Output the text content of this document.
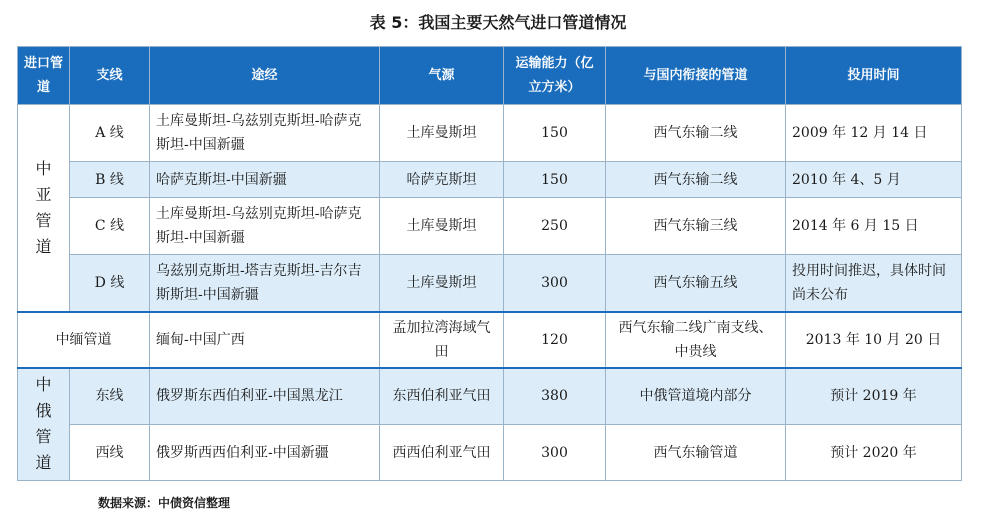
表 5：我国主要天然气进口管道情况
进口管道	支线	途经	气源	运输能力（亿立方米）	与国内衔接的管道	投用时间
中亚管道	A 线	土库曼斯坦-乌兹别克斯坦-哈萨克斯坦-中国新疆	土库曼斯坦	150	西气东输二线	2009 年 12 月 14 日
	B 线	哈萨克斯坦-中国新疆	哈萨克斯坦	150	西气东输二线	2010 年 4、5 月
	C 线	土库曼斯坦-乌兹别克斯坦-哈萨克斯坦-中国新疆	土库曼斯坦	250	西气东输三线	2014 年 6 月 15 日
	D 线	乌兹别克斯坦-塔吉克斯坦-吉尔吉斯斯坦-中国新疆	土库曼斯坦	300	西气东输五线	投用时间推迟，具体时间尚未公布
中缅管道		缅甸-中国广西	孟加拉湾海域气田	120	西气东输二线广南支线、中贵线	2013 年 10 月 20 日
中俄管道	东线	俄罗斯东西伯利亚-中国黑龙江	东西伯利亚气田	380	中俄管道境内部分	预计 2019 年
	西线	俄罗斯西西伯利亚-中国新疆	西西伯利亚气田	300	西气东输管道	预计 2020 年
数据来源：中债资信整理
